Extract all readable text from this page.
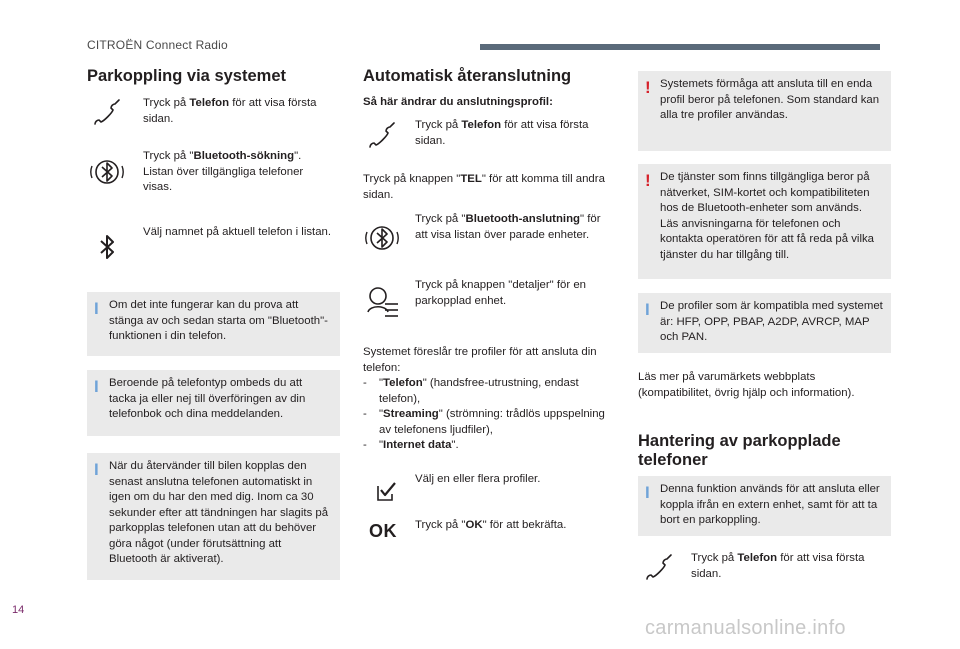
CITROËN Connect Radio
Parkoppling via systemet
Tryck på Telefon för att visa första sidan.
Tryck på "Bluetooth-sökning". Listan över tillgängliga telefoner visas.
Välj namnet på aktuell telefon i listan.
I Om det inte fungerar kan du prova att stänga av och sedan starta om "Bluetooth"-funktionen i din telefon.
I Beroende på telefontyp ombeds du att tacka ja eller nej till överföringen av din telefonbok och dina meddelanden.
I När du återvänder till bilen kopplas den senast anslutna telefonen automatiskt in igen om du har den med dig. Inom ca 30 sekunder efter att tändningen har slagits på parkopplas telefonen utan att du behöver göra något (under förutsättning att Bluetooth är aktiverat).
Automatisk återanslutning
Så här ändrar du anslutningsprofil:
Tryck på Telefon för att visa första sidan.
Tryck på knappen "TEL" för att komma till andra sidan.
Tryck på "Bluetooth-anslutning" för att visa listan över parade enheter.
Tryck på knappen "detaljer" för en parkopplad enhet.
Systemet föreslår tre profiler för att ansluta din telefon:
-	"Telefon" (handsfree-utrustning, endast telefon),
-	"Streaming" (strömning: trådlös uppspelning av telefonens ljudfiler),
-	"Internet data".
Välj en eller flera profiler.
OK Tryck på "OK" för att bekräfta.
! Systemets förmåga att ansluta till en enda profil beror på telefonen. Som standard kan alla tre profiler användas.
! De tjänster som finns tillgängliga beror på nätverket, SIM-kortet och kompatibiliteten hos de Bluetooth-enheter som används. Läs anvisningarna för telefonen och kontakta operatören för att få reda på vilka tjänster du har tillgång till.
I De profiler som är kompatibla med systemet är: HFP, OPP, PBAP, A2DP, AVRCP, MAP och PAN.
Läs mer på varumärkets webbplats (kompatibilitet, övrig hjälp och information).
Hantering av parkopplade telefoner
I Denna funktion används för att ansluta eller koppla ifrån en extern enhet, samt för att ta bort en parkoppling.
Tryck på Telefon för att visa första sidan.
14
carmanualsonline.info
